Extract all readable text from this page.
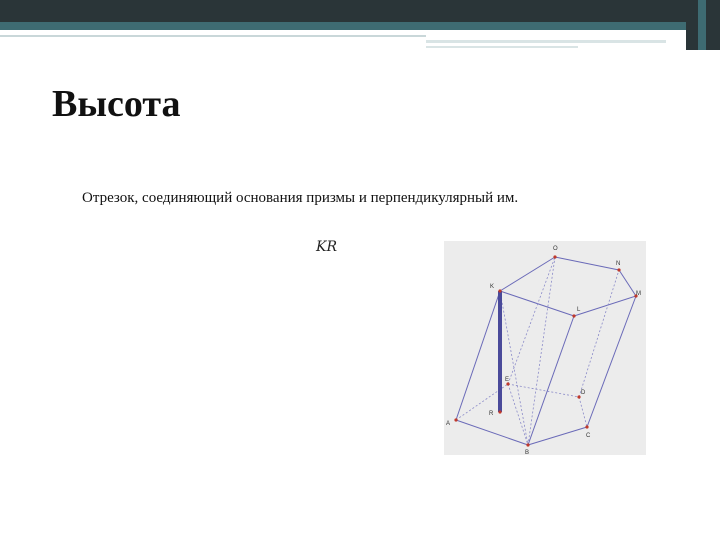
Высота
Отрезок, соединяющий основания призмы и перпендикулярный им.
KR
K
R
A
B
C
D
E
L
M
N
O
